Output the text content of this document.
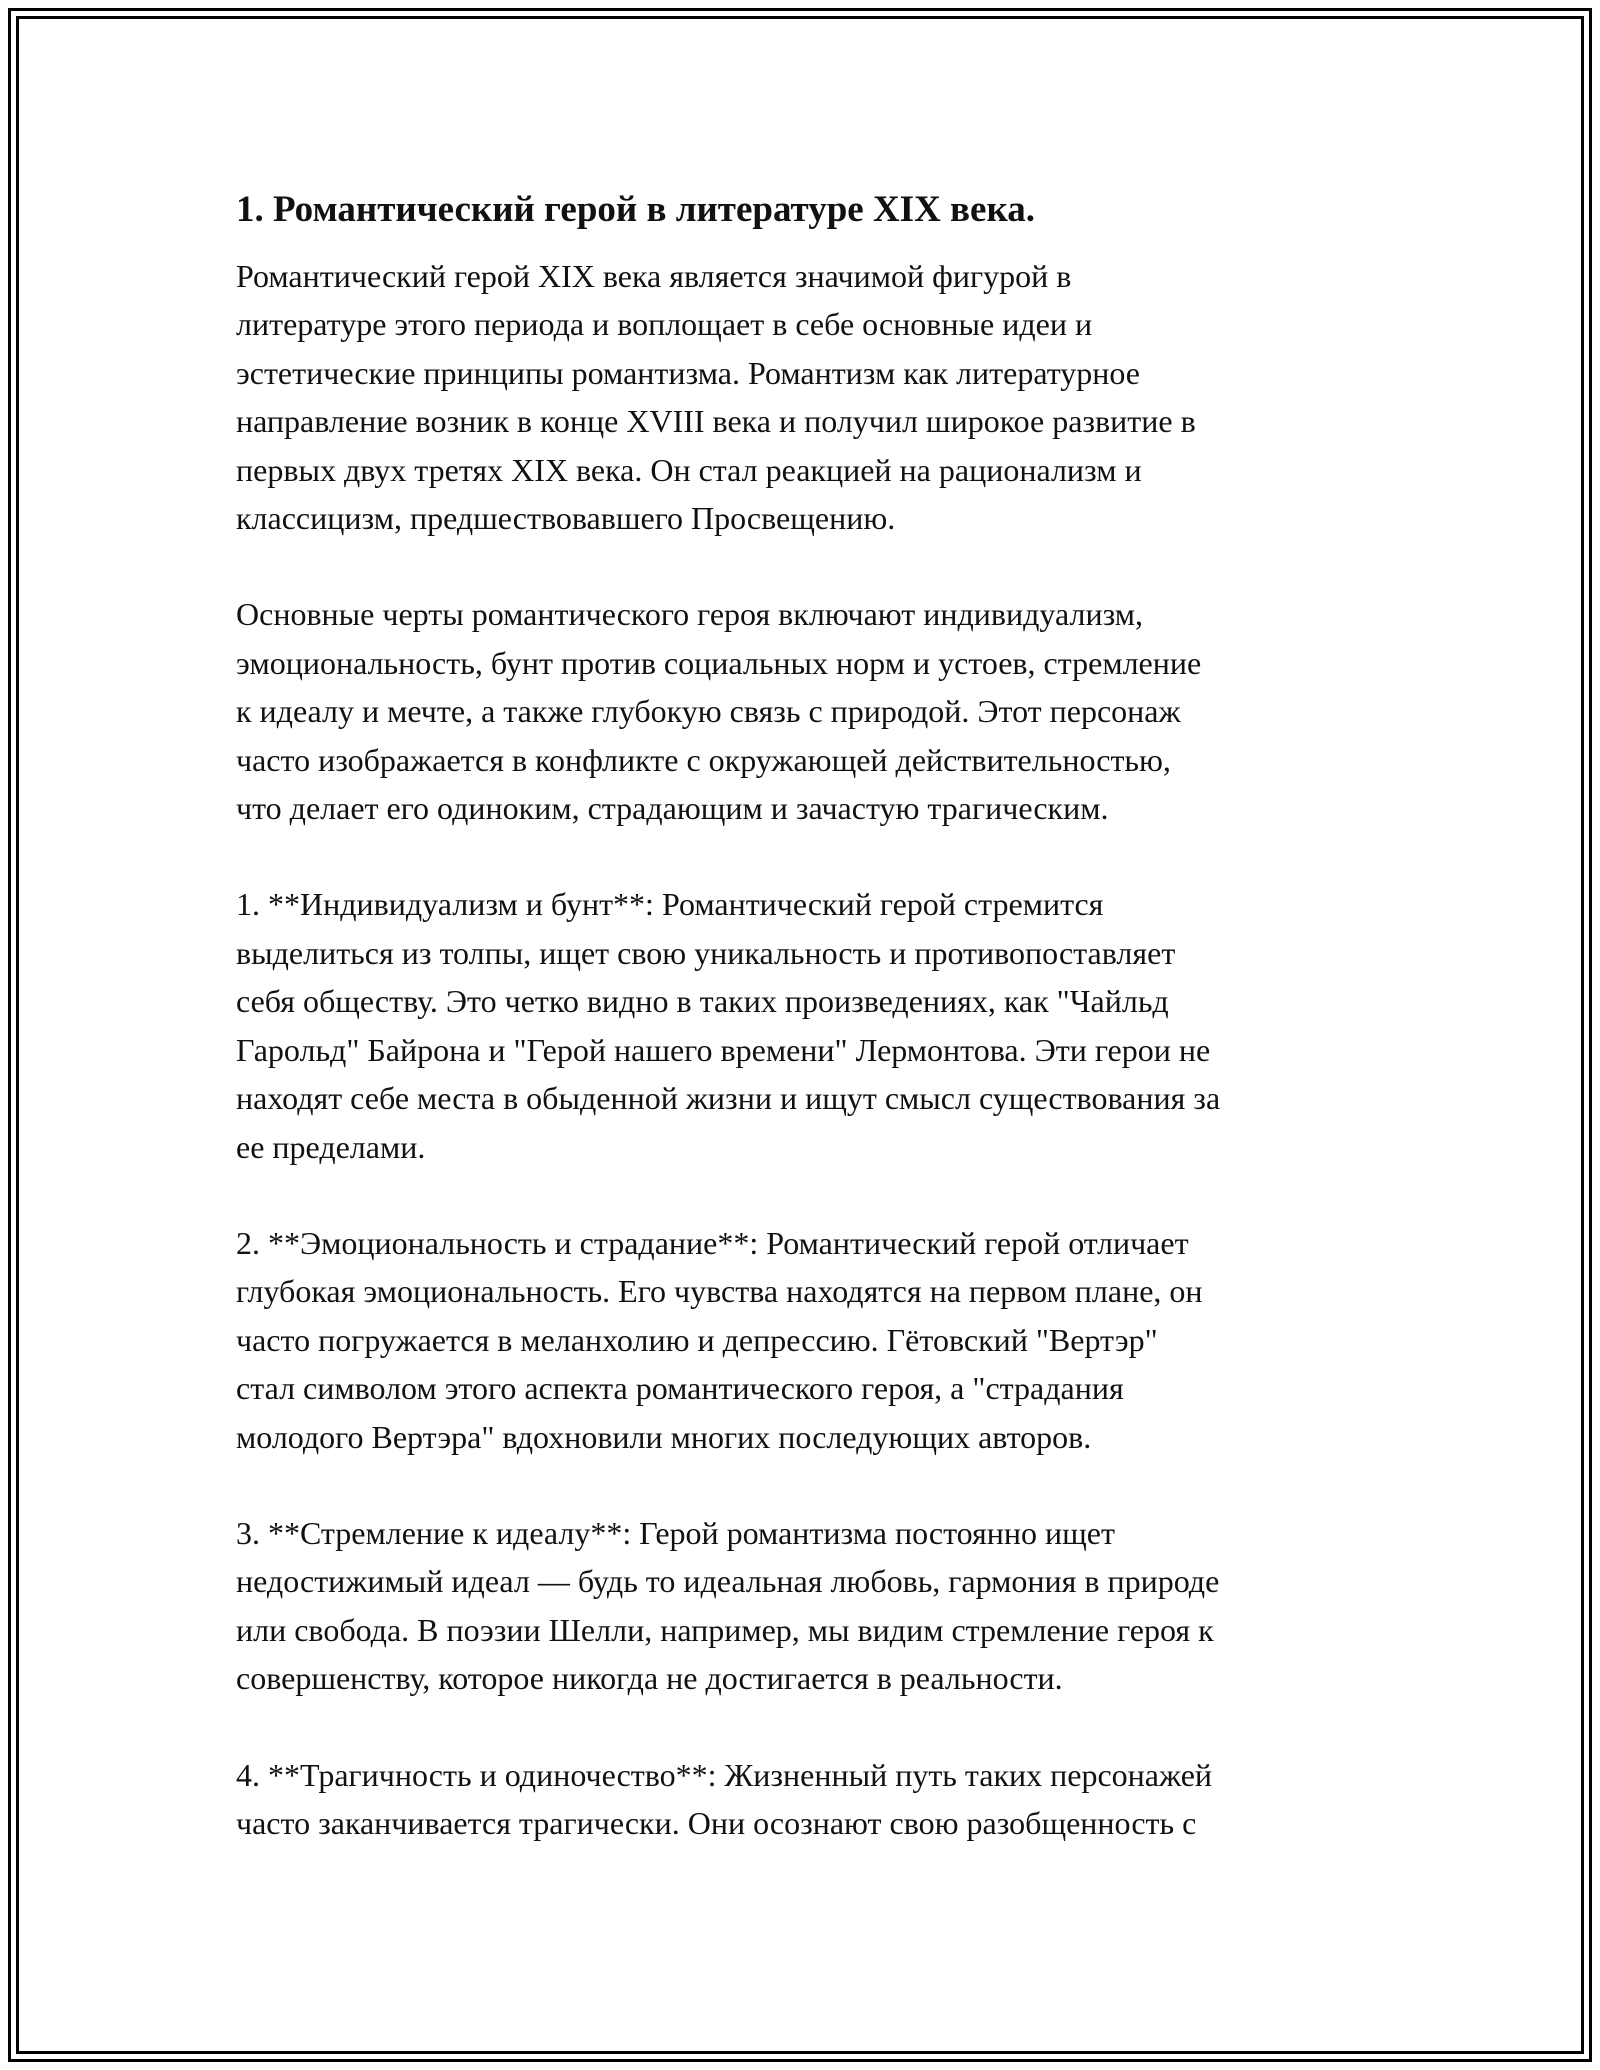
1. Романтический герой в литературе XIX века.

Романтический герой XIX века является значимой фигурой в
литературе этого периода и воплощает в себе основные идеи и
эстетические принципы романтизма. Романтизм как литературное
направление возник в конце XVIII века и получил широкое развитие в
первых двух третях XIX века. Он стал реакцией на рационализм и
классицизм, предшествовавшего Просвещению.

Основные черты романтического героя включают индивидуализм,
эмоциональность, бунт против социальных норм и устоев, стремление
к идеалу и мечте, а также глубокую связь с природой. Этот персонаж
часто изображается в конфликте с окружающей действительностью,
что делает его одиноким, страдающим и зачастую трагическим.

1. **Индивидуализм и бунт**: Романтический герой стремится
выделиться из толпы, ищет свою уникальность и противопоставляет
себя обществу. Это четко видно в таких произведениях, как "Чайльд
Гарольд" Байрона и "Герой нашего времени" Лермонтова. Эти герои не
находят себе места в обыденной жизни и ищут смысл существования за
ее пределами.

2. **Эмоциональность и страдание**: Романтический герой отличает
глубокая эмоциональность. Его чувства находятся на первом плане, он
часто погружается в меланхолию и депрессию. Гётовский "Вертэр"
стал символом этого аспекта романтического героя, а "страдания
молодого Вертэра" вдохновили многих последующих авторов.

3. **Стремление к идеалу**: Герой романтизма постоянно ищет
недостижимый идеал — будь то идеальная любовь, гармония в природе
или свобода. В поэзии Шелли, например, мы видим стремление героя к
совершенству, которое никогда не достигается в реальности.

4. **Трагичность и одиночество**: Жизненный путь таких персонажей
часто заканчивается трагически. Они осознают свою разобщенность с
